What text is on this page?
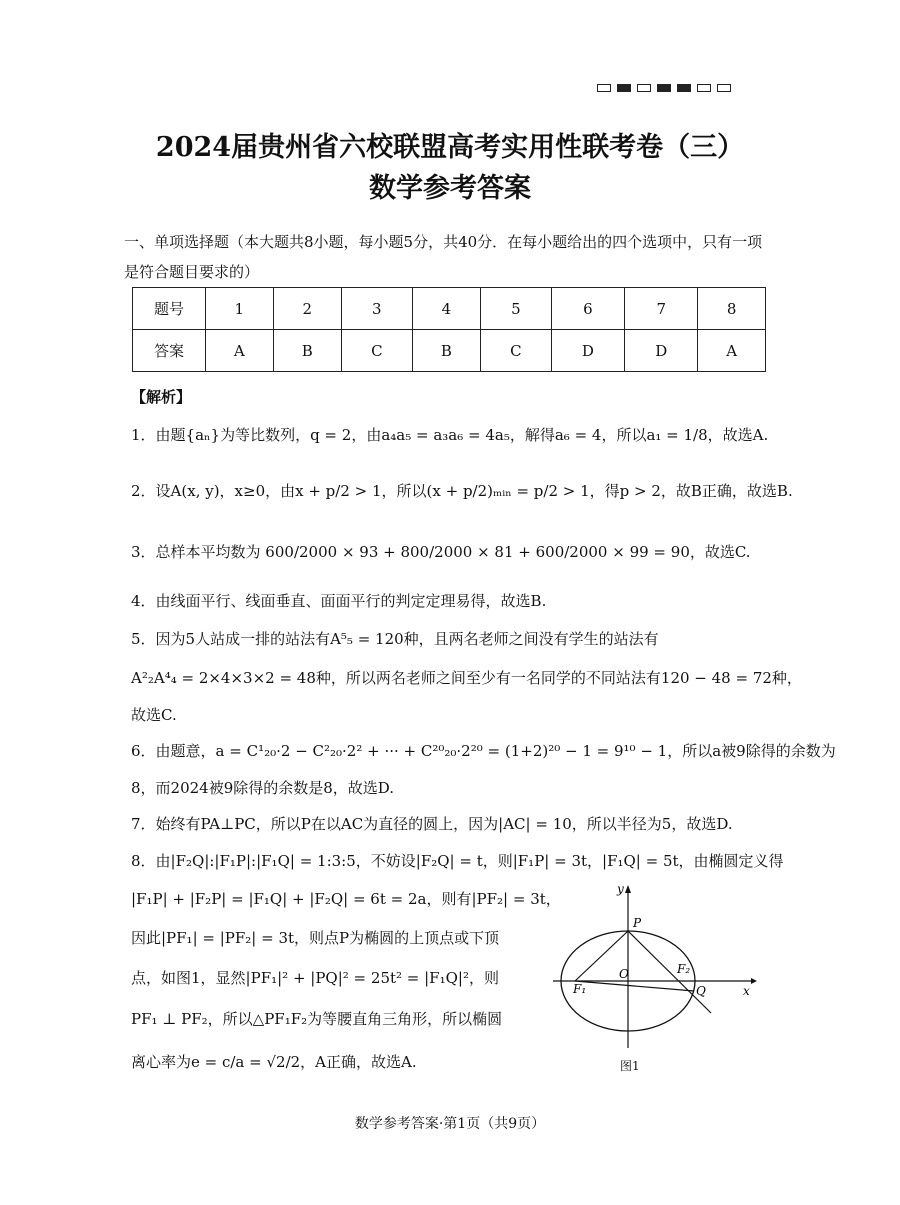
2024届贵州省六校联盟高考实用性联考卷（三）
数学参考答案
一、单项选择题（本大题共8小题，每小题5分，共40分．在每小题给出的四个选项中，只有一项是符合题目要求的）
题号	1	2	3	4	5	6	7	8
答案	A	B	C	B	C	D	D	A
【解析】
1．由题{aₙ}为等比数列，q = 2，由a₄a₅ = a₃a₆ = 4a₅，解得a₆ = 4，所以a₁ = 1/8，故选A.
2．设A(x, y)，x≥0，由x + p/2 > 1，所以(x + p/2)ₘᵢₙ = p/2 > 1，得p > 2，故B正确，故选B.
3．总样本平均数为 600/2000 × 93 + 800/2000 × 81 + 600/2000 × 99 = 90，故选C.
4．由线面平行、线面垂直、面面平行的判定定理易得，故选B.
5．因为5人站成一排的站法有A⁵₅ = 120种，且两名老师之间没有学生的站法有
A²₂A⁴₄ = 2×4×3×2 = 48种，所以两名老师之间至少有一名同学的不同站法有120 − 48 = 72种，
故选C.
6．由题意，a = C¹₂₀·2 − C²₂₀·2² + ··· + C²⁰₂₀·2²⁰ = (1+2)²⁰ − 1 = 9¹⁰ − 1，所以a被9除得的余数为
8，而2024被9除得的余数是8，故选D.
7．始终有PA⊥PC，所以P在以AC为直径的圆上，因为|AC| = 10，所以半径为5，故选D.
8．由|F₂Q|:|F₁P|:|F₁Q| = 1:3:5，不妨设|F₂Q| = t，则|F₁P| = 3t，|F₁Q| = 5t，由椭圆定义得
|F₁P| + |F₂P| = |F₁Q| + |F₂Q| = 6t = 2a，则有|PF₂| = 3t，
因此|PF₁| = |PF₂| = 3t，则点P为椭圆的上顶点或下顶
点，如图1，显然|PF₁|² + |PQ|² = 25t² = |F₁Q|²，则
PF₁ ⊥ PF₂，所以△PF₁F₂为等腰直角三角形，所以椭圆
离心率为e = c/a = √2/2，A正确，故选A.
y
x
P
O
F₁
F₂
Q
图1
数学参考答案·第1页（共9页）
